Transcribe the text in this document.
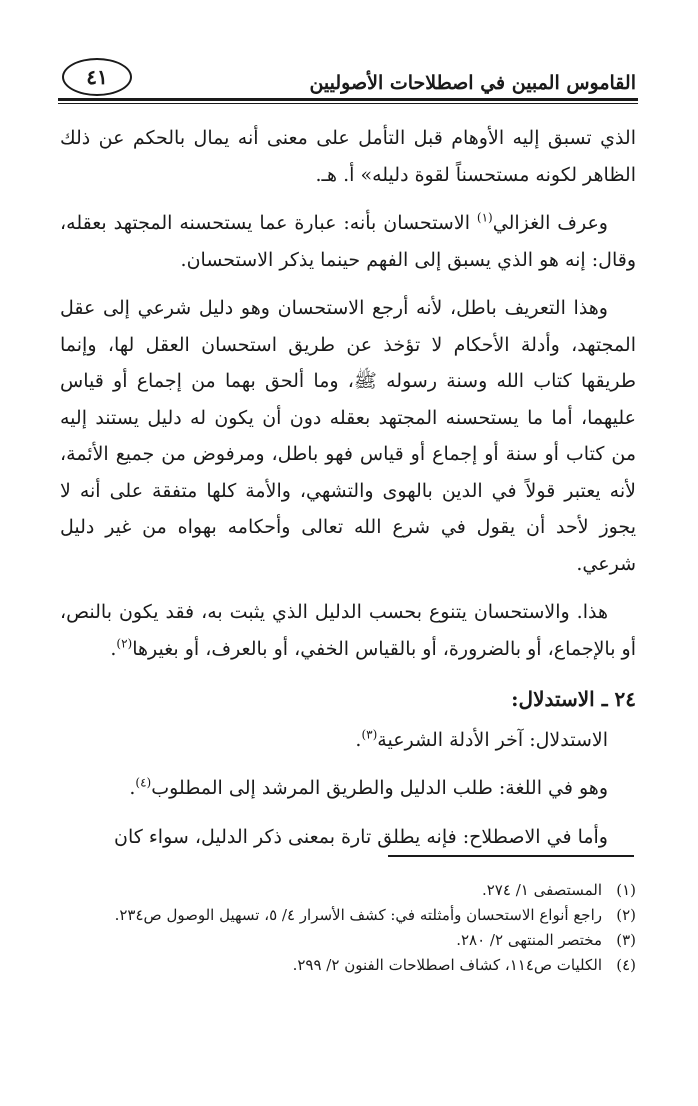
القاموس المبين في اصطلاحات الأصوليين
٤١

الذي تسبق إليه الأوهام قبل التأمل على معنى أنه يمال بالحكم عن ذلك الظاهر لكونه مستحسناً لقوة دليله» أ. هـ.

وعرف الغزالي$^{(١)}$ الاستحسان بأنه: عبارة عما يستحسنه المجتهد بعقله، وقال: إنه هو الذي يسبق إلى الفهم حينما يذكر الاستحسان.

وهذا التعريف باطل، لأنه أرجع الاستحسان وهو دليل شرعي إلى عقل المجتهد، وأدلة الأحكام لا تؤخذ عن طريق استحسان العقل لها، وإنما طريقها كتاب الله وسنة رسوله ﷺ، وما ألحق بهما من إجماع أو قياس عليهما، أما ما يستحسنه المجتهد بعقله دون أن يكون له دليل يستند إليه من كتاب أو سنة أو إجماع أو قياس فهو باطل، ومرفوض من جميع الأئمة، لأنه يعتبر قولاً في الدين بالهوى والتشهي، والأمة كلها متفقة على أنه لا يجوز لأحد أن يقول في شرع الله تعالى وأحكامه بهواه من غير دليل شرعي.

هذا. والاستحسان يتنوع بحسب الدليل الذي يثبت به، فقد يكون بالنص، أو بالإجماع، أو بالضرورة، أو بالقياس الخفي، أو بالعرف، أو بغيرها$^{(٢)}$.

٢٤ ـ الاستدلال:

الاستدلال: آخر الأدلة الشرعية$^{(٣)}$.

وهو في اللغة: طلب الدليل والطريق المرشد إلى المطلوب$^{(٤)}$.

وأما في الاصطلاح: فإنه يطلق تارة بمعنى ذكر الدليل، سواء كان

(١)
المستصفى ١/ ٢٧٤.
(٢)
راجع أنواع الاستحسان وأمثلته في: كشف الأسرار ٤/ ٥، تسهيل الوصول ص٢٣٤.
(٣)
مختصر المنتهى ٢/ ٢٨٠.
(٤)
الكليات ص١١٤، كشاف اصطلاحات الفنون ٢/ ٢٩٩.
